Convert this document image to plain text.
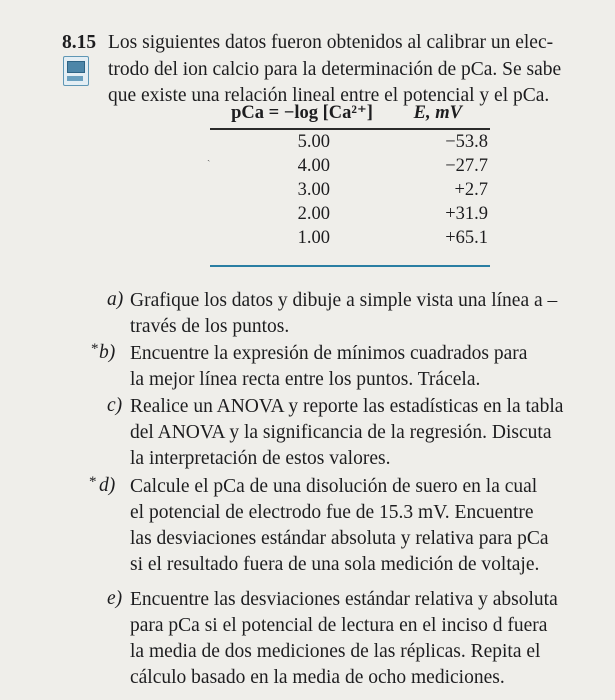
8.15 Los siguientes datos fueron obtenidos al calibrar un elec-
trodo del ion calcio para la determinación de pCa. Se sabe
que existe una relación lineal entre el potencial y el pCa.
pCa = −log [Ca²⁺]	E, mV
5.00	−53.8
4.00	−27.7
3.00	+2.7
2.00	+31.9
1.00	+65.1
ˎ
a) Grafique los datos y dibuje a simple vista una línea a –
través de los puntos.
* b) Encuentre la expresión de mínimos cuadrados para
la mejor línea recta entre los puntos. Trácela.
c) Realice un ANOVA y reporte las estadísticas en la tabla
del ANOVA y la significancia de la regresión. Discuta
la interpretación de estos valores.
* d) Calcule el pCa de una disolución de suero en la cual
el potencial de electrodo fue de 15.3 mV. Encuentre
las desviaciones estándar absoluta y relativa para pCa
si el resultado fuera de una sola medición de voltaje.
e) Encuentre las desviaciones estándar relativa y absoluta
para pCa si el potencial de lectura en el inciso d fuera
la media de dos mediciones de las réplicas. Repita el
cálculo basado en la media de ocho mediciones.
